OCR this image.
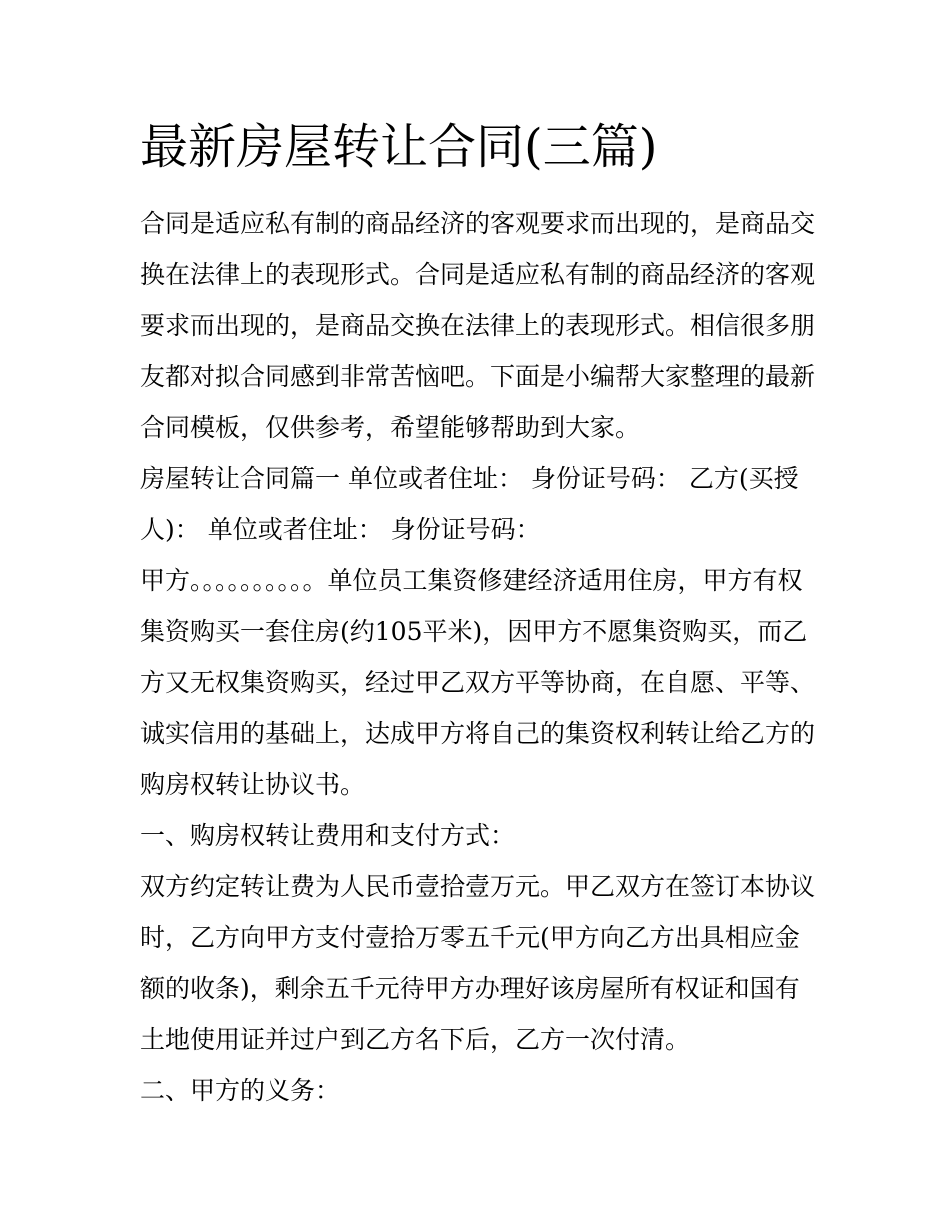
最新房屋转让合同(三篇)

合同是适应私有制的商品经济的客观要求而出现的，是商品交换在法律上的表现形式。合同是适应私有制的商品经济的客观要求而出现的，是商品交换在法律上的表现形式。相信很多朋友都对拟合同感到非常苦恼吧。下面是小编帮大家整理的最新合同模板，仅供参考，希望能够帮助到大家。

房屋转让合同篇一 单位或者住址： 身份证号码： 乙方(买授人)： 单位或者住址： 身份证号码：

甲方。。。。。。。。。。单位员工集资修建经济适用住房，甲方有权集资购买一套住房(约105平米)，因甲方不愿集资购买，而乙方又无权集资购买，经过甲乙双方平等协商，在自愿、平等、诚实信用的基础上，达成甲方将自己的集资权利转让给乙方的购房权转让协议书。

一、购房权转让费用和支付方式：

双方约定转让费为人民币壹拾壹万元。甲乙双方在签订本协议时，乙方向甲方支付壹拾万零五千元(甲方向乙方出具相应金额的收条)，剩余五千元待甲方办理好该房屋所有权证和国有土地使用证并过户到乙方名下后，乙方一次付清。

二、甲方的义务：
